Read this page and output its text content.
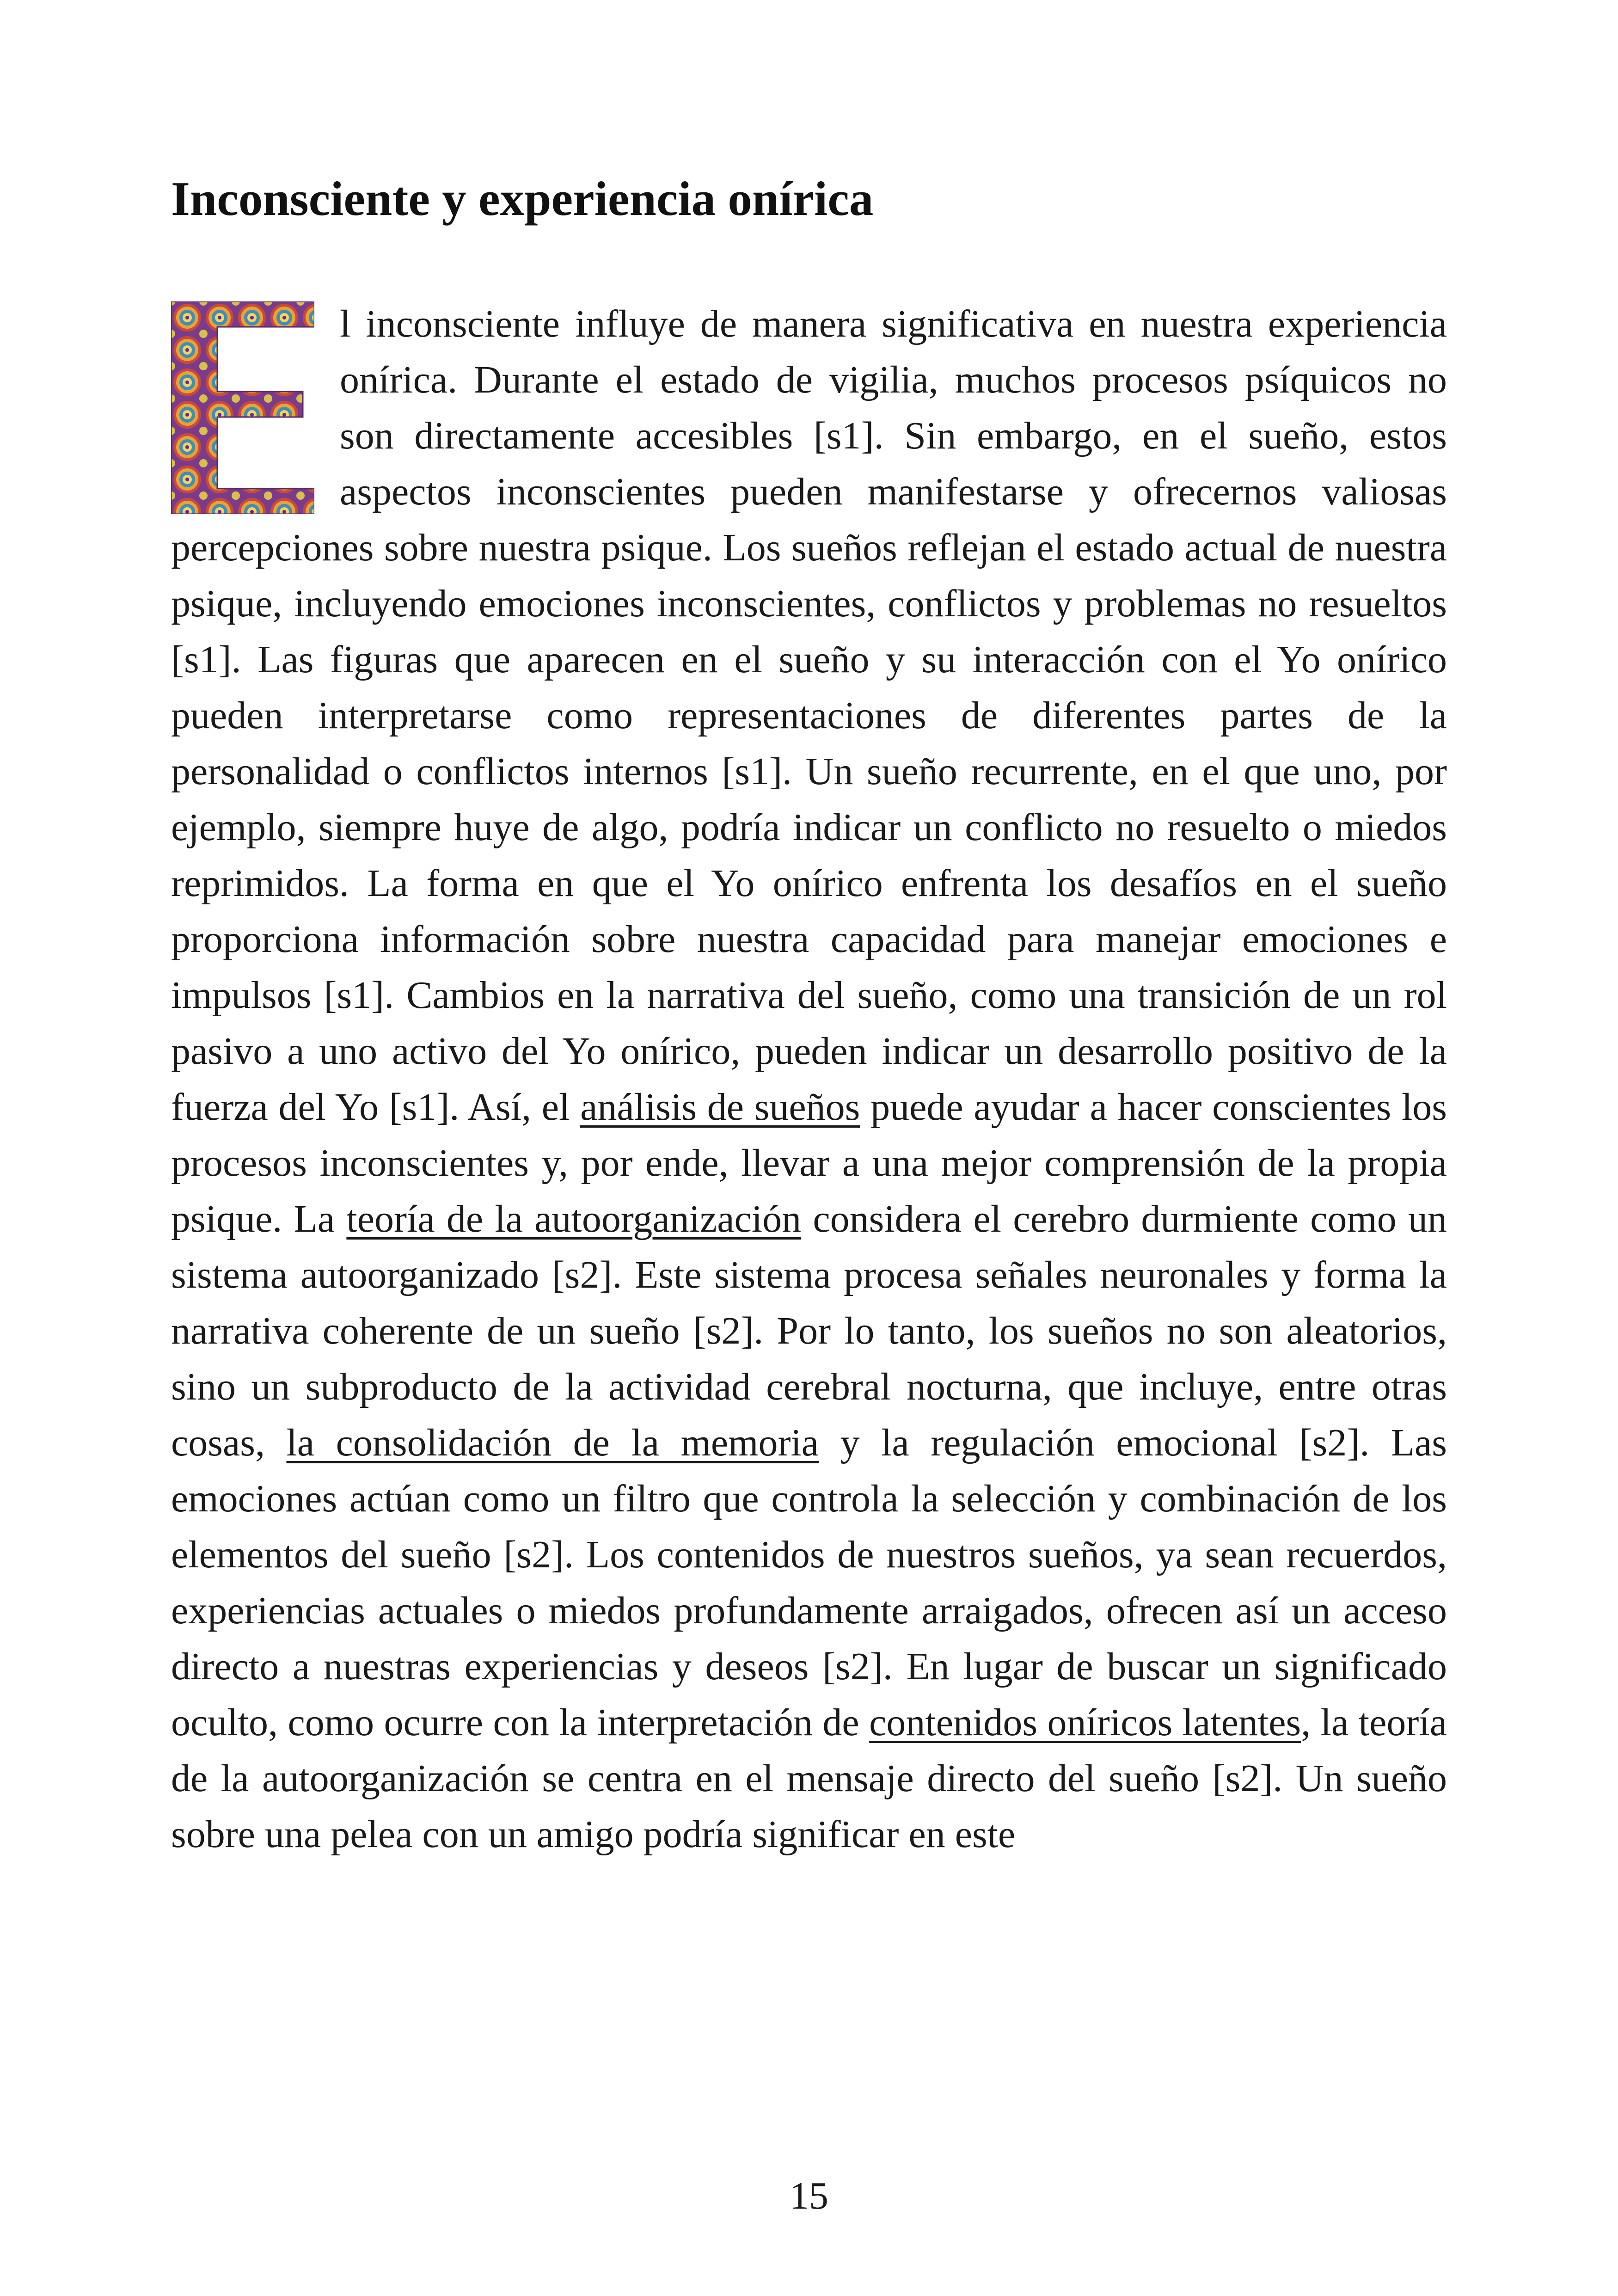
Inconsciente y experiencia onírica

l inconsciente influye de manera significativa en nuestra experiencia onírica. Durante el estado de vigilia, muchos procesos psíquicos no son directamente accesibles [s1]. Sin embargo, en el sueño, estos aspectos inconscientes pueden manifestarse y ofrecernos valiosas percepciones sobre nuestra psique. Los sueños reflejan el estado actual de nuestra psique, incluyendo emociones inconscientes, conflictos y problemas no resueltos [s1]. Las figuras que aparecen en el sueño y su interacción con el Yo onírico pueden interpretarse como representaciones de diferentes partes de la personalidad o conflictos internos [s1]. Un sueño recurrente, en el que uno, por ejemplo, siempre huye de algo, podría indicar un conflicto no resuelto o miedos reprimidos. La forma en que el Yo onírico enfrenta los desafíos en el sueño proporciona información sobre nuestra capacidad para manejar emociones e impulsos [s1]. Cambios en la narrativa del sueño, como una transición de un rol pasivo a uno activo del Yo onírico, pueden indicar un desarrollo positivo de la fuerza del Yo [s1]. Así, el análisis de sueños puede ayudar a hacer conscientes los procesos inconscientes y, por ende, llevar a una mejor comprensión de la propia psique. La teoría de la autoorganización considera el cerebro durmiente como un sistema autoorganizado [s2]. Este sistema procesa señales neuronales y forma la narrativa coherente de un sueño [s2]. Por lo tanto, los sueños no son aleatorios, sino un subproducto de la actividad cerebral nocturna, que incluye, entre otras cosas, la consolidación de la memoria y la regulación emocional [s2]. Las emociones actúan como un filtro que controla la selección y combinación de los elementos del sueño [s2]. Los contenidos de nuestros sueños, ya sean recuerdos, experiencias actuales o miedos profundamente arraigados, ofrecen así un acceso directo a nuestras experiencias y deseos [s2]. En lugar de buscar un significado oculto, como ocurre con la interpretación de contenidos oníricos latentes, la teoría de la autoorganización se centra en el mensaje directo del sueño [s2]. Un sueño sobre una pelea con un amigo podría significar en este

15
